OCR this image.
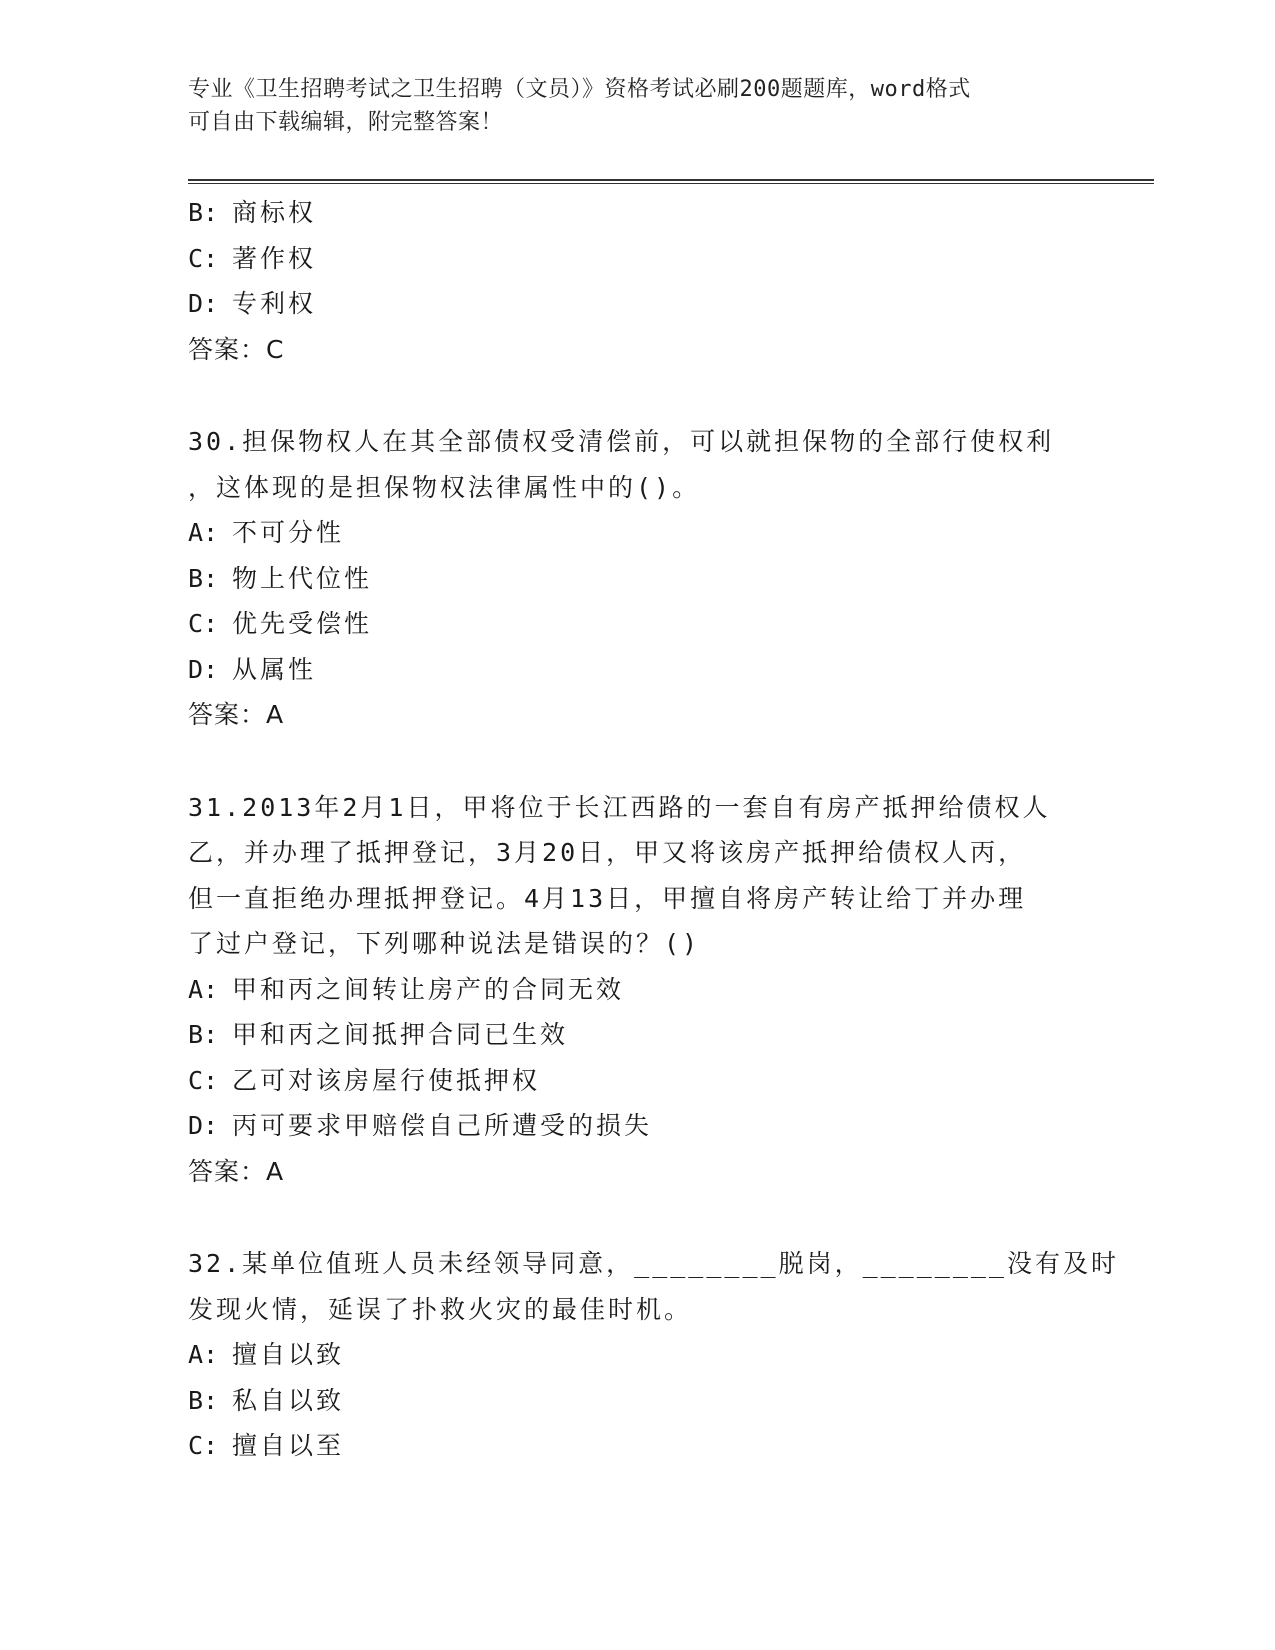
专业《卫生招聘考试之卫生招聘（文员）》资格考试必刷200题题库，word格式
可自由下载编辑，附完整答案！
B: 商标权
C: 著作权
D: 专利权
答案：C
30.担保物权人在其全部债权受清偿前，可以就担保物的全部行使权利
，这体现的是担保物权法律属性中的()。
A: 不可分性
B: 物上代位性
C: 优先受偿性
D: 从属性
答案：A
31.2013年2月1日，甲将位于长江西路的一套自有房产抵押给债权人
乙，并办理了抵押登记，3月20日，甲又将该房产抵押给债权人丙，
但一直拒绝办理抵押登记。4月13日，甲擅自将房产转让给丁并办理
了过户登记，下列哪种说法是错误的？()
A: 甲和丙之间转让房产的合同无效
B: 甲和丙之间抵押合同已生效
C: 乙可对该房屋行使抵押权
D: 丙可要求甲赔偿自己所遭受的损失
答案：A
32.某单位值班人员未经领导同意，________脱岗，________没有及时
发现火情，延误了扑救火灾的最佳时机。
A: 擅自以致
B: 私自以致
C: 擅自以至
